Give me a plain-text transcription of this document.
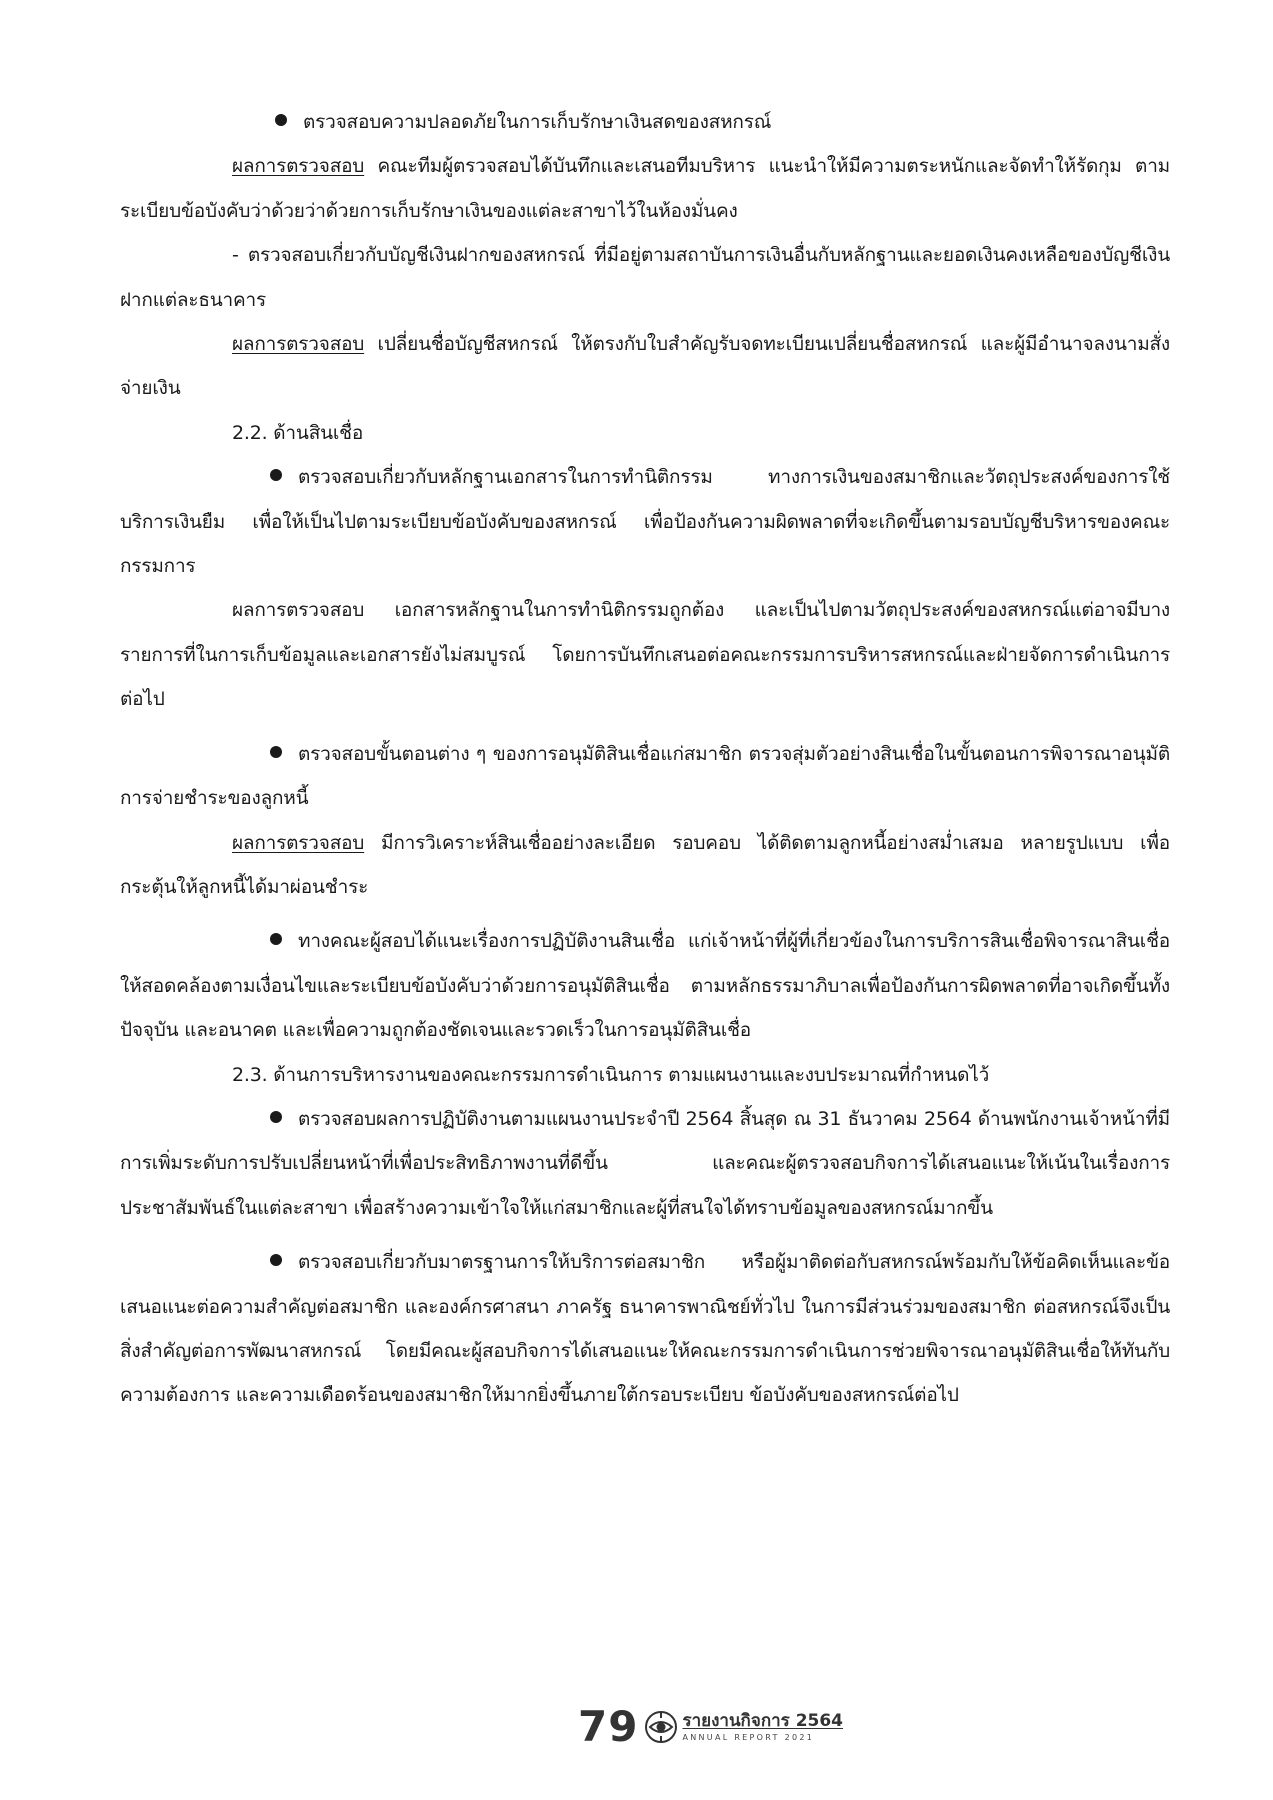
ตรวจสอบความปลอดภัยในการเก็บรักษาเงินสดของสหกรณ์

ผลการตรวจสอบ คณะทีมผู้ตรวจสอบได้บันทึกและเสนอทีมบริหาร แนะนำให้มีความตระหนักและจัดทำให้รัดกุม ตามระเบียบข้อบังคับว่าด้วยว่าด้วยการเก็บรักษาเงินของแต่ละสาขาไว้ในห้องมั่นคง

- ตรวจสอบเกี่ยวกับบัญชีเงินฝากของสหกรณ์ ที่มีอยู่ตามสถาบันการเงินอื่นกับหลักฐานและยอดเงินคงเหลือของบัญชีเงินฝากแต่ละธนาคาร

ผลการตรวจสอบ เปลี่ยนชื่อบัญชีสหกรณ์ ให้ตรงกับใบสำคัญรับจดทะเบียนเปลี่ยนชื่อสหกรณ์ และผู้มีอำนาจลงนามสั่งจ่ายเงิน

2.2. ด้านสินเชื่อ

ตรวจสอบเกี่ยวกับหลักฐานเอกสารในการทำนิติกรรม ทางการเงินของสมาชิกและวัตถุประสงค์ของการใช้บริการเงินยืม เพื่อให้เป็นไปตามระเบียบข้อบังคับของสหกรณ์ เพื่อป้องกันความผิดพลาดที่จะเกิดขึ้นตามรอบบัญชีบริหารของคณะกรรมการ

ผลการตรวจสอบ เอกสารหลักฐานในการทำนิติกรรมถูกต้อง และเป็นไปตามวัตถุประสงค์ของสหกรณ์แต่อาจมีบางรายการที่ในการเก็บข้อมูลและเอกสารยังไม่สมบูรณ์ โดยการบันทึกเสนอต่อคณะกรรมการบริหารสหกรณ์และฝ่ายจัดการดำเนินการต่อไป

ตรวจสอบขั้นตอนต่าง ๆ ของการอนุมัติสินเชื่อแก่สมาชิก ตรวจสุ่มตัวอย่างสินเชื่อในขั้นตอนการพิจารณาอนุมัติ การจ่ายชำระของลูกหนี้

ผลการตรวจสอบ มีการวิเคราะห์สินเชื่ออย่างละเอียด รอบคอบ ได้ติดตามลูกหนี้อย่างสม่ำเสมอ หลายรูปแบบ เพื่อกระตุ้นให้ลูกหนี้ได้มาผ่อนชำระ

ทางคณะผู้สอบได้แนะเรื่องการปฏิบัติงานสินเชื่อ แก่เจ้าหน้าที่ผู้ที่เกี่ยวข้องในการบริการสินเชื่อพิจารณาสินเชื่อให้สอดคล้องตามเงื่อนไขและระเบียบข้อบังคับว่าด้วยการอนุมัติสินเชื่อ ตามหลักธรรมาภิบาลเพื่อป้องกันการผิดพลาดที่อาจเกิดขึ้นทั้งปัจจุบัน และอนาคต และเพื่อความถูกต้องชัดเจนและรวดเร็วในการอนุมัติสินเชื่อ

2.3. ด้านการบริหารงานของคณะกรรมการดำเนินการ ตามแผนงานและงบประมาณที่กำหนดไว้

ตรวจสอบผลการปฏิบัติงานตามแผนงานประจำปี 2564 สิ้นสุด ณ 31 ธันวาคม 2564 ด้านพนักงานเจ้าหน้าที่มีการเพิ่มระดับการปรับเปลี่ยนหน้าที่เพื่อประสิทธิภาพงานที่ดีขึ้น และคณะผู้ตรวจสอบกิจการได้เสนอแนะให้เน้นในเรื่องการประชาสัมพันธ์ในแต่ละสาขา เพื่อสร้างความเข้าใจให้แก่สมาชิกและผู้ที่สนใจได้ทราบข้อมูลของสหกรณ์มากขึ้น

ตรวจสอบเกี่ยวกับมาตรฐานการให้บริการต่อสมาชิก หรือผู้มาติดต่อกับสหกรณ์พร้อมกับให้ข้อคิดเห็นและข้อเสนอแนะต่อความสำคัญต่อสมาชิก และองค์กรศาสนา ภาครัฐ ธนาคารพาณิชย์ทั่วไป ในการมีส่วนร่วมของสมาชิก ต่อสหกรณ์จึงเป็นสิ่งสำคัญต่อการพัฒนาสหกรณ์ โดยมีคณะผู้สอบกิจการได้เสนอแนะให้คณะกรรมการดำเนินการช่วยพิจารณาอนุมัติสินเชื่อให้ทันกับความต้องการ และความเดือดร้อนของสมาชิกให้มากยิ่งขึ้นภายใต้กรอบระเบียบ ข้อบังคับของสหกรณ์ต่อไป

79	รายงานกิจการ 2564
ANNUAL REPORT 2021
